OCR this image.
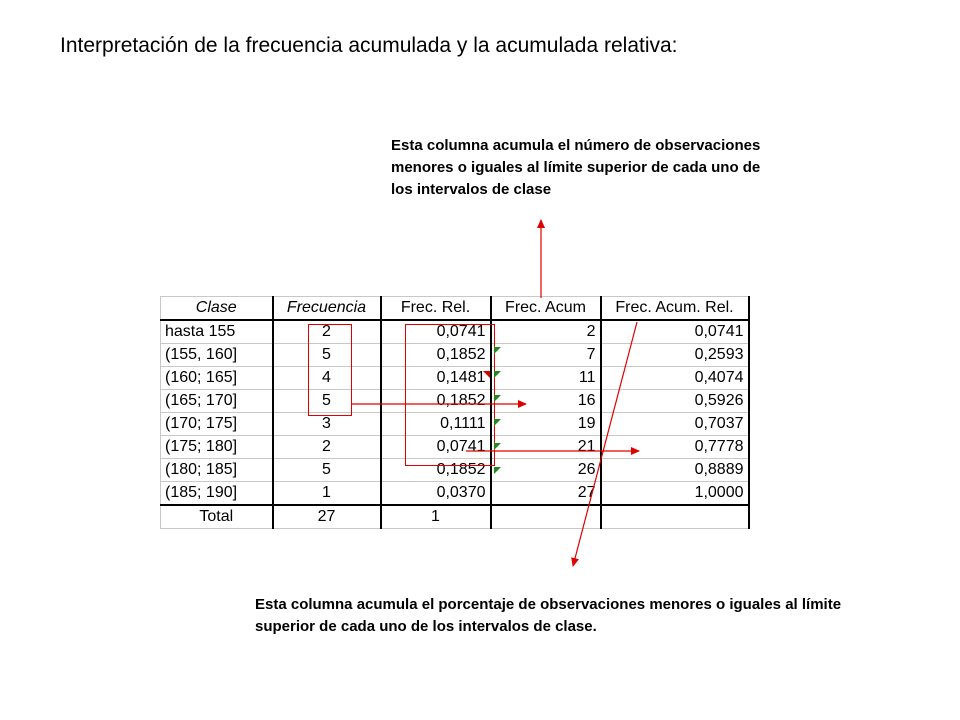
Interpretación de la frecuencia acumulada y la acumulada relativa:
Esta columna acumula el número de observaciones menores o iguales al límite superior de cada uno de los intervalos de clase
	Clase	Frecuencia	Frec. Rel.	Frec. Acum	Frec. Acum. Rel.
	hasta 155	2	0,0741	2	0,0741
	(155, 160]	5	0,1852	7	0,2593
	(160; 165]	4	0,1481	11	0,4074
	(165; 170]	5	0,1852	16	0,5926
	(170; 175]	3	0,1111	19	0,7037
	(175; 180]	2	0,0741	21	0,7778
	(180; 185]	5	0,1852	26	0,8889
	(185; 190]	1	0,0370	27	1,0000
	Total	27	1		
Esta columna acumula el porcentaje de observaciones menores o iguales al límite superior de cada uno de los intervalos de clase.
